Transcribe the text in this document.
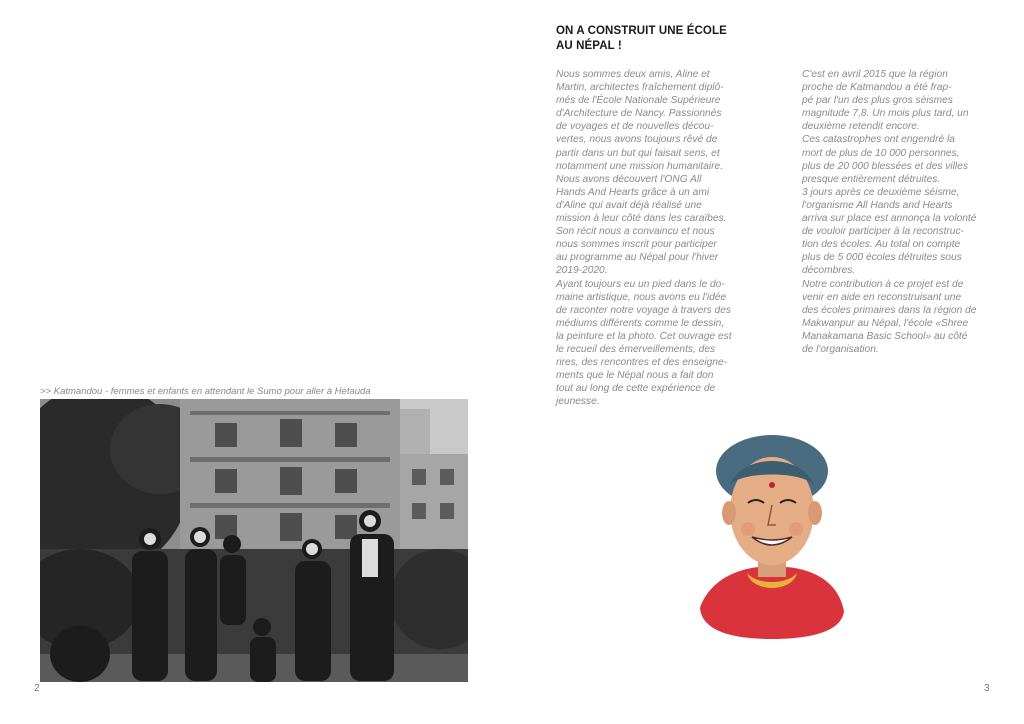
>> Katmandou - femmes et enfants en attendant le Sumo pour aller à Hetauda
2
ON A CONSTRUIT UNE ÉCOLE
AU NÉPAL !
Nous sommes deux amis, Aline et
Martin, architectes fraîchement diplô-
més de l'École Nationale Supérieure
d'Architecture de Nancy. Passionnés
de voyages et de nouvelles décou-
vertes, nous avons toujours rêvé de
partir dans un but qui faisait sens, et
notamment une mission humanitaire.
Nous avons découvert l'ONG All
Hands And Hearts grâce à un ami
d'Aline qui avait déjà réalisé une
mission à leur côté dans les caraïbes.
Son récit nous a convaincu et nous
nous sommes inscrit pour participer
au programme au Népal pour l'hiver
2019-2020.
Ayant toujours eu un pied dans le do-
maine artistique, nous avons eu l'idée
de raconter notre voyage à travers des
médiums différents comme le dessin,
la peinture et la photo. Cet ouvrage est
le recueil des émerveillements, des
rires, des rencontres et des enseigne-
ments que le Népal nous a fait don
tout au long de cette expérience de
jeunesse.
C'est en avril 2015 que la région
proche de Katmandou a été frap-
pé par l'un des plus gros séismes
magnitude 7,8. Un mois plus tard, un
deuxième retendit encore.
Ces catastrophes ont engendré la
mort de plus de 10 000 personnes,
plus de 20 000 blessées et des villes
presque entièrement détruites.
3 jours après ce deuxième séisme,
l'organisme All Hands and Hearts
arriva sur place est annonça la volonté
de vouloir participer à la reconstruc-
tion des écoles. Au total on compte
plus de 5 000 écoles détruites sous
décombres.
Notre contribution à ce projet est de
venir en aide en reconstruisant une
des écoles primaires dans la région de
Makwanpur au Népal, l'école «Shree
Manakamana Basic School» au côté
de l'organisation.
3
